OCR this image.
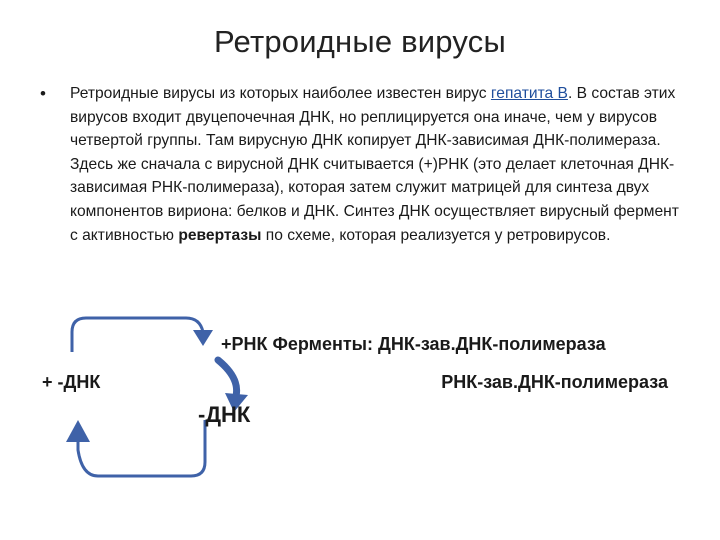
Ретроидные вирусы
• Ретроидные вирусы из которых наиболее известен вирус гепатита B. В состав этих вирусов входит двуцепочечная ДНК, но реплицируется она иначе, чем у вирусов четвертой группы. Там вирусную ДНК копирует ДНК-зависимая ДНК-полимераза. Здесь же сначала с вирусной ДНК считывается (+)РНК (это делает клеточная ДНК-зависимая РНК-полимераза), которая затем служит матрицей для синтеза двух компонентов вириона: белков и ДНК. Синтез ДНК осуществляет вирусный фермент с активностью ревертазы по схеме, которая реализуется у ретровирусов.
+РНК Ферменты: ДНК-зав.ДНК-полимераза
+ -ДНК	РНК-зав.ДНК-полимераза
-ДНК
